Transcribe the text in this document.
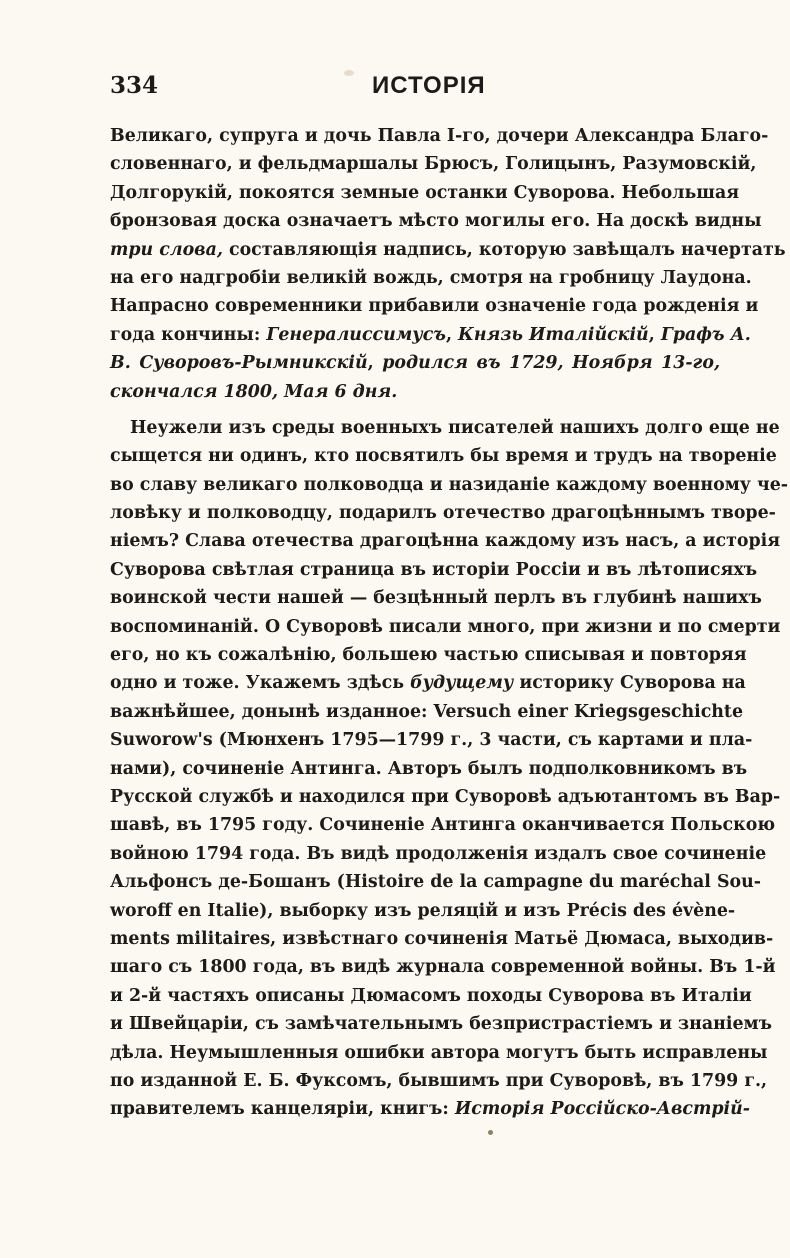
334	ИСТОРІЯ
Великаго, супруга и дочь Павла I-го, дочери Александра Благо-
словеннаго, и фельдмаршалы Брюсъ, Голицынъ, Разумовскій,
Долгорукій, покоятся земные останки Суворова. Небольшая
бронзовая доска означаетъ мѣсто могилы его. На доскѣ видны
три слова, составляющія надпись, которую завѣщалъ начертать
на его надгробіи великій вождь, смотря на гробницу Лаудона.
Напрасно современники прибавили означеніе года рожденія и
года кончины: Генералиссимусъ, Князь Италійскій, Графъ А.
В. Суворовъ-Рымникскій, родился въ 1729, Ноября 13-го,
скончался 1800, Мая 6 дня.
Неужели изъ среды военныхъ писателей нашихъ долго еще не
сыщется ни одинъ, кто посвятилъ бы время и трудъ на твореніе
во славу великаго полководца и назиданіе каждому военному че-
ловѣку и полководцу, подарилъ отечество драгоцѣннымъ творе-
ніемъ? Слава отечества драгоцѣнна каждому изъ насъ, а исторія
Суворова свѣтлая страница въ исторіи Россіи и въ лѣтописяхъ
воинской чести нашей — безцѣнный перлъ въ глубинѣ нашихъ
воспоминаній. О Суворовѣ писали много, при жизни и по смерти
его, но къ сожалѣнію, большею частью списывая и повторяя
одно и тоже. Укажемъ здѣсь будущему историку Суворова на
важнѣйшее, донынѣ изданное: Versuch einer Kriegsgeschichte
Suworow's (Мюнхенъ 1795—1799 г., 3 части, съ картами и пла-
нами), сочиненіе Антинга. Авторъ былъ подполковникомъ въ
Русской службѣ и находился при Суворовѣ адъютантомъ въ Вар-
шавѣ, въ 1795 году. Сочиненіе Антинга оканчивается Польскою
войною 1794 года. Въ видѣ продолженія издалъ свое сочиненіе
Альфонсъ де-Бошанъ (Histoire de la campagne du maréchal Sou-
woroff en Italie), выборку изъ реляцій и изъ Précis des évène-
ments militaires, извѣстнаго сочиненія Матьё Дюмаса, выходив-
шаго съ 1800 года, въ видѣ журнала современной войны. Въ 1-й
и 2-й частяхъ описаны Дюмасомъ походы Суворова въ Италіи
и Швейцаріи, съ замѣчательнымъ безпристрастіемъ и знаніемъ
дѣла. Неумышленныя ошибки автора могутъ быть исправлены
по изданной Е. Б. Фуксомъ, бывшимъ при Суворовѣ, въ 1799 г.,
правителемъ канцеляріи, книгъ: Исторія Россійско-Австрій-
